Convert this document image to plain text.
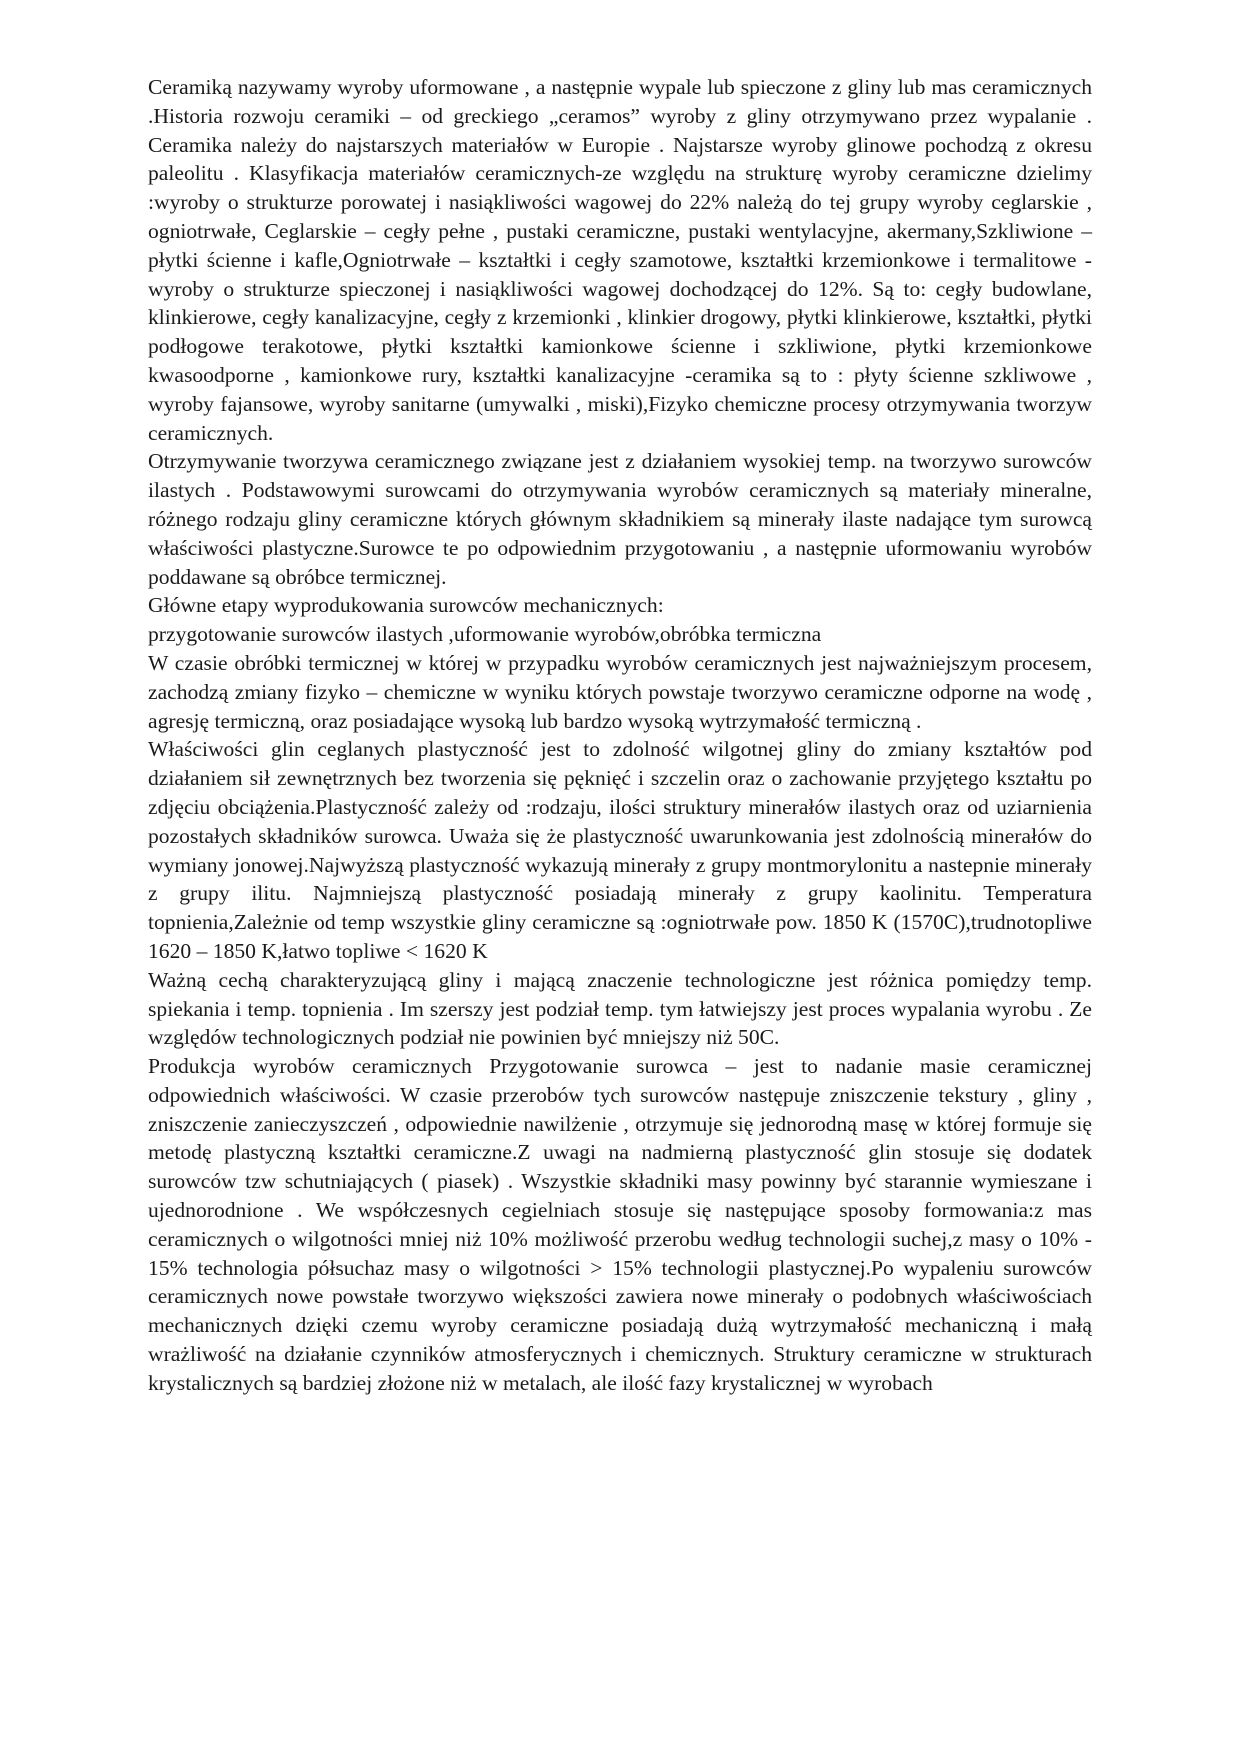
Ceramiką nazywamy wyroby uformowane , a następnie wypale lub spieczone z gliny lub mas ceramicznych .Historia rozwoju ceramiki – od greckiego „ceramos” wyroby z gliny otrzymywano przez wypalanie . Ceramika należy do najstarszych materiałów w Europie . Najstarsze wyroby glinowe pochodzą z okresu paleolitu . Klasyfikacja materiałów ceramicznych-ze względu na strukturę wyroby ceramiczne dzielimy :wyroby o strukturze porowatej i nasiąkliwości wagowej do 22% należą do tej grupy wyroby ceglarskie , ogniotrwałe, Ceglarskie – cegły pełne , pustaki ceramiczne, pustaki wentylacyjne, akermany,Szkliwione – płytki ścienne i kafle,Ogniotrwałe – kształtki i cegły szamotowe, kształtki krzemionkowe i termalitowe -wyroby o strukturze spieczonej i nasiąkliwości wagowej dochodzącej do 12%. Są to: cegły budowlane, klinkierowe, cegły kanalizacyjne, cegły z krzemionki , klinkier drogowy, płytki klinkierowe, kształtki, płytki podłogowe terakotowe, płytki kształtki kamionkowe ścienne i szkliwione, płytki krzemionkowe kwasoodporne , kamionkowe rury, kształtki kanalizacyjne -ceramika są to : płyty ścienne szkliwowe , wyroby fajansowe, wyroby sanitarne (umywalki , miski),Fizyko chemiczne procesy otrzymywania tworzyw ceramicznych.

Otrzymywanie tworzywa ceramicznego związane jest z działaniem wysokiej temp. na tworzywo surowców ilastych . Podstawowymi surowcami do otrzymywania wyrobów ceramicznych są materiały mineralne, różnego rodzaju gliny ceramiczne których głównym składnikiem są minerały ilaste nadające tym surowcą właściwości plastyczne.Surowce te po odpowiednim przygotowaniu , a następnie uformowaniu wyrobów poddawane są obróbce termicznej.

Główne etapy wyprodukowania surowców mechanicznych:

przygotowanie surowców ilastych ,uformowanie wyrobów,obróbka termiczna

W czasie obróbki termicznej w której w przypadku wyrobów ceramicznych jest najważniejszym procesem, zachodzą zmiany fizyko – chemiczne w wyniku których powstaje tworzywo ceramiczne odporne na wodę , agresję termiczną, oraz posiadające wysoką lub bardzo wysoką wytrzymałość termiczną .

Właściwości glin ceglanych plastyczność jest to zdolność wilgotnej gliny do zmiany kształtów pod działaniem sił zewnętrznych bez tworzenia się pęknięć i szczelin oraz o zachowanie przyjętego kształtu po zdjęciu obciążenia.Plastyczność zależy od :rodzaju, ilości struktury minerałów ilastych oraz od uziarnienia pozostałych składników surowca. Uważa się że plastyczność uwarunkowania jest zdolnością minerałów do wymiany jonowej.Najwyższą plastyczność wykazują minerały z grupy montmorylonitu a nastepnie minerały z grupy ilitu. Najmniejszą plastyczność posiadają minerały z grupy kaolinitu. Temperatura topnienia,Zależnie od temp wszystkie gliny ceramiczne są :ogniotrwałe pow. 1850 K (1570C),trudnotopliwe 1620 – 1850 K,łatwo topliwe < 1620 K

Ważną cechą charakteryzującą gliny i mającą znaczenie technologiczne jest różnica pomiędzy temp. spiekania i temp. topnienia . Im szerszy jest podział temp. tym łatwiejszy jest proces wypalania wyrobu . Ze względów technologicznych podział nie powinien być mniejszy niż 50C.

Produkcja wyrobów ceramicznych Przygotowanie surowca – jest to nadanie masie ceramicznej odpowiednich właściwości. W czasie przerobów tych surowców następuje zniszczenie tekstury , gliny , zniszczenie zanieczyszczeń , odpowiednie nawilżenie , otrzymuje się jednorodną masę w której formuje się metodę plastyczną kształtki ceramiczne.Z uwagi na nadmierną plastyczność glin stosuje się dodatek surowców tzw schutniających ( piasek) . Wszystkie składniki masy powinny być starannie wymieszane i ujednorodnione . We współczesnych cegielniach stosuje się następujące sposoby formowania:z mas ceramicznych o wilgotności mniej niż 10% możliwość przerobu według technologii suchej,z masy o 10% - 15% technologia półsuchaz masy o wilgotności > 15% technologii plastycznej.Po wypaleniu surowców ceramicznych nowe powstałe tworzywo większości zawiera nowe minerały o podobnych właściwościach mechanicznych dzięki czemu wyroby ceramiczne posiadają dużą wytrzymałość mechaniczną i małą wrażliwość na działanie czynników atmosferycznych i chemicznych. Struktury ceramiczne w strukturach krystalicznych są bardziej złożone niż w metalach, ale ilość fazy krystalicznej w wyrobach
